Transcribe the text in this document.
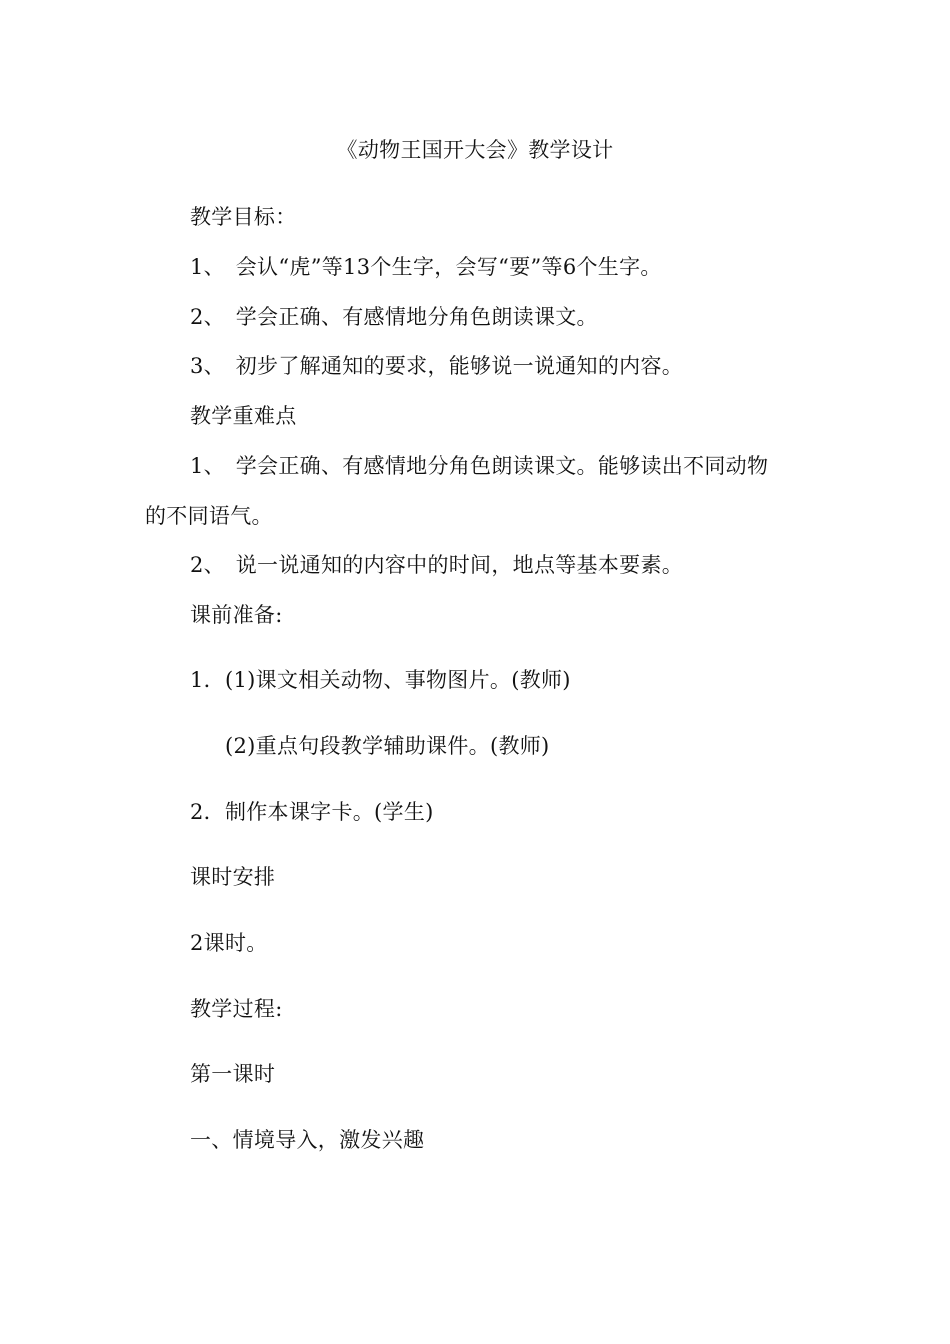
《动物王国开大会》教学设计
教学目标：
1、　会认“虎”等13个生字，会写“要”等6个生字。
2、　学会正确、有感情地分角色朗读课文。
3、　初步了解通知的要求，能够说一说通知的内容。
教学重难点
1、　学会正确、有感情地分角色朗读课文。能够读出不同动物
的不同语气。
2、　说一说通知的内容中的时间，地点等基本要素。
课前准备:
1．(1)课文相关动物、事物图片。(教师)
(2)重点句段教学辅助课件。(教师)
2．制作本课字卡。(学生)
课时安排
2课时。
教学过程:
第一课时
一、情境导入，激发兴趣
